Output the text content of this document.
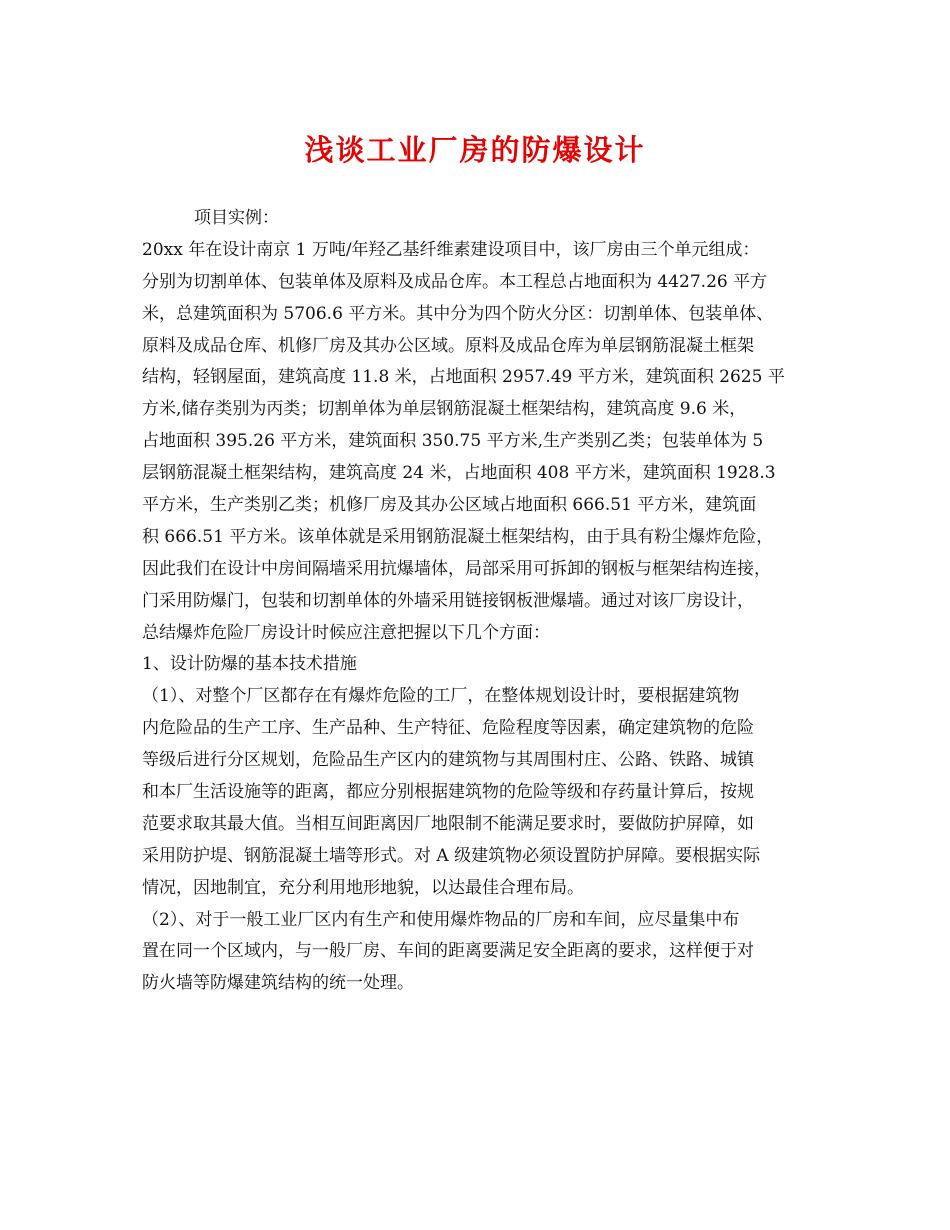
浅谈工业厂房的防爆设计
项目实例：
20xx 年在设计南京 1 万吨/年羟乙基纤维素建设项目中，该厂房由三个单元组成：
分别为切割单体、包装单体及原料及成品仓库。本工程总占地面积为 4427.26 平方
米，总建筑面积为 5706.6 平方米。其中分为四个防火分区：切割单体、包装单体、
原料及成品仓库、机修厂房及其办公区域。原料及成品仓库为单层钢筋混凝土框架
结构，轻钢屋面，建筑高度 11.8 米，占地面积 2957.49 平方米，建筑面积 2625 平
方米,储存类别为丙类；切割单体为单层钢筋混凝土框架结构，建筑高度 9.6 米，
占地面积 395.26 平方米，建筑面积 350.75 平方米,生产类别乙类；包装单体为 5
层钢筋混凝土框架结构，建筑高度 24 米，占地面积 408 平方米，建筑面积 1928.3
平方米，生产类别乙类；机修厂房及其办公区域占地面积 666.51 平方米，建筑面
积 666.51 平方米。该单体就是采用钢筋混凝土框架结构，由于具有粉尘爆炸危险，
因此我们在设计中房间隔墙采用抗爆墙体，局部采用可拆卸的钢板与框架结构连接，
门采用防爆门，包装和切割单体的外墙采用链接钢板泄爆墙。通过对该厂房设计，
总结爆炸危险厂房设计时候应注意把握以下几个方面：
1、设计防爆的基本技术措施
（1）、对整个厂区都存在有爆炸危险的工厂，在整体规划设计时，要根据建筑物
内危险品的生产工序、生产品种、生产特征、危险程度等因素，确定建筑物的危险
等级后进行分区规划，危险品生产区内的建筑物与其周围村庄、公路、铁路、城镇
和本厂生活设施等的距离，都应分别根据建筑物的危险等级和存药量计算后，按规
范要求取其最大值。当相互间距离因厂地限制不能满足要求时，要做防护屏障，如
采用防护堤、钢筋混凝土墙等形式。对 A 级建筑物必须设置防护屏障。要根据实际
情况，因地制宜，充分利用地形地貌，以达最佳合理布局。
（2）、对于一般工业厂区内有生产和使用爆炸物品的厂房和车间，应尽量集中布
置在同一个区域内，与一般厂房、车间的距离要满足安全距离的要求，这样便于对
防火墙等防爆建筑结构的统一处理。
